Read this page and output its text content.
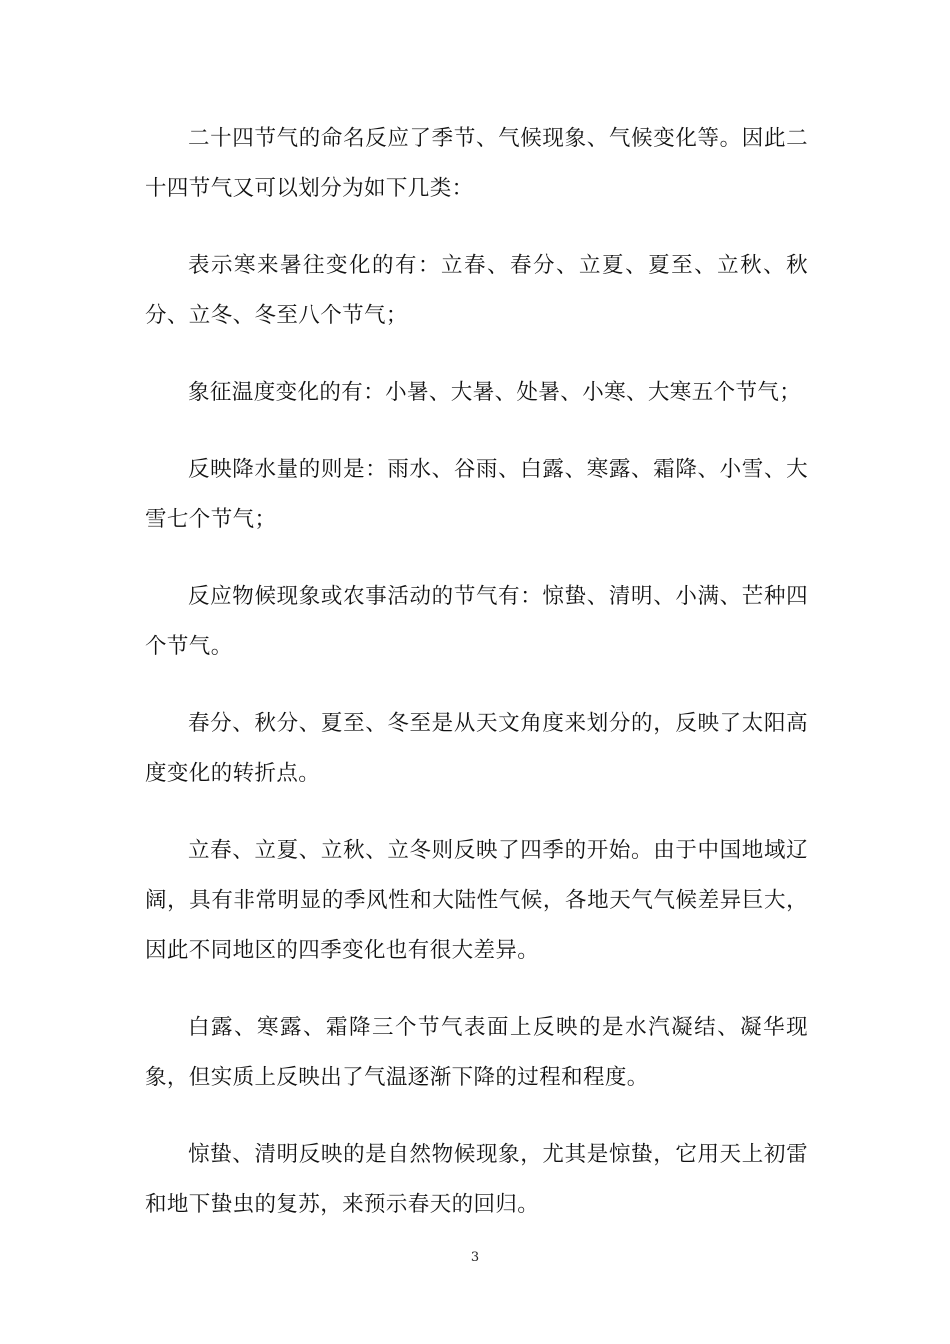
二十四节气的命名反应了季节、气候现象、气候变化等。因此二十四节气又可以划分为如下几类：

表示寒来暑往变化的有：立春、春分、立夏、夏至、立秋、秋分、立冬、冬至八个节气；

象征温度变化的有：小暑、大暑、处暑、小寒、大寒五个节气；

反映降水量的则是：雨水、谷雨、白露、寒露、霜降、小雪、大雪七个节气；

反应物候现象或农事活动的节气有：惊蛰、清明、小满、芒种四个节气。

春分、秋分、夏至、冬至是从天文角度来划分的，反映了太阳高度变化的转折点。

立春、立夏、立秋、立冬则反映了四季的开始。由于中国地域辽阔，具有非常明显的季风性和大陆性气候，各地天气气候差异巨大，因此不同地区的四季变化也有很大差异。

白露、寒露、霜降三个节气表面上反映的是水汽凝结、凝华现象，但实质上反映出了气温逐渐下降的过程和程度。

惊蛰、清明反映的是自然物候现象，尤其是惊蛰，它用天上初雷和地下蛰虫的复苏，来预示春天的回归。

3
